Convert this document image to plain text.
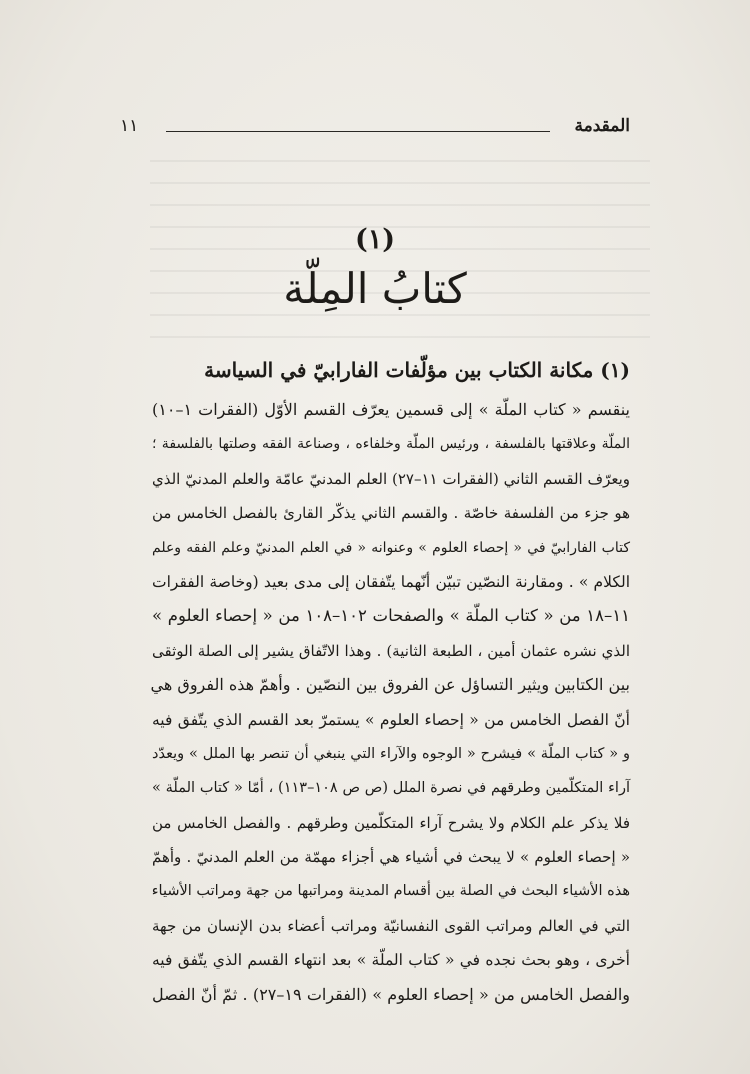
المقدمة
١١
(١)
كتابُ المِلّة
(١) مكانة الكتاب بين مؤلّفات الفارابيّ في السياسة
ينقسم « كتاب الملّة » إلى قسمين يعرّف القسم الأوّل (الفقرات ١–١٠)
الملّة وعلاقتها بالفلسفة ، ورئيس الملّة وخلفاءه ، وصناعة الفقه وصلتها بالفلسفة ؛
ويعرّف القسم الثاني (الفقرات ١١–٢٧) العلم المدنيّ عامّة والعلم المدنيّ الذي
هو جزء من الفلسفة خاصّة . والقسم الثاني يذكّر القارئ بالفصل الخامس من
كتاب الفارابيّ في « إحصاء العلوم » وعنوانه « في العلم المدنيّ وعلم الفقه وعلم
الكلام » . ومقارنة النصّين تبيّن أنّهما يتّفقان إلى مدى بعيد (وخاصة الفقرات
١١–١٨ من « كتاب الملّة » والصفحات ١٠٢–١٠٨ من « إحصاء العلوم »
الذي نشره عثمان أمين ، الطبعة الثانية) . وهذا الاتّفاق يشير إلى الصلة الوثقى
بين الكتابين ويثير التساؤل عن الفروق بين النصّين . وأهمّ هذه الفروق هي
أنّ الفصل الخامس من « إحصاء العلوم » يستمرّ بعد القسم الذي يتّفق فيه
و « كتاب الملّة » فيشرح « الوجوه والآراء التي ينبغي أن تنصر بها الملل » ويعدّد
آراء المتكلّمين وطرقهم في نصرة الملل (ص ص ١٠٨–١١٣) ، أمّا « كتاب الملّة »
فلا يذكر علم الكلام ولا يشرح آراء المتكلّمين وطرقهم . والفصل الخامس من
« إحصاء العلوم » لا يبحث في أشياء هي أجزاء مهمّة من العلم المدنيّ . وأهمّ
هذه الأشياء البحث في الصلة بين أقسام المدينة ومراتبها من جهة ومراتب الأشياء
التي في العالم ومراتب القوى النفسانيّة ومراتب أعضاء بدن الإنسان من جهة
أخرى ، وهو بحث نجده في « كتاب الملّة » بعد انتهاء القسم الذي يتّفق فيه
والفصل الخامس من « إحصاء العلوم » (الفقرات ١٩–٢٧) . ثمّ أنّ الفصل
